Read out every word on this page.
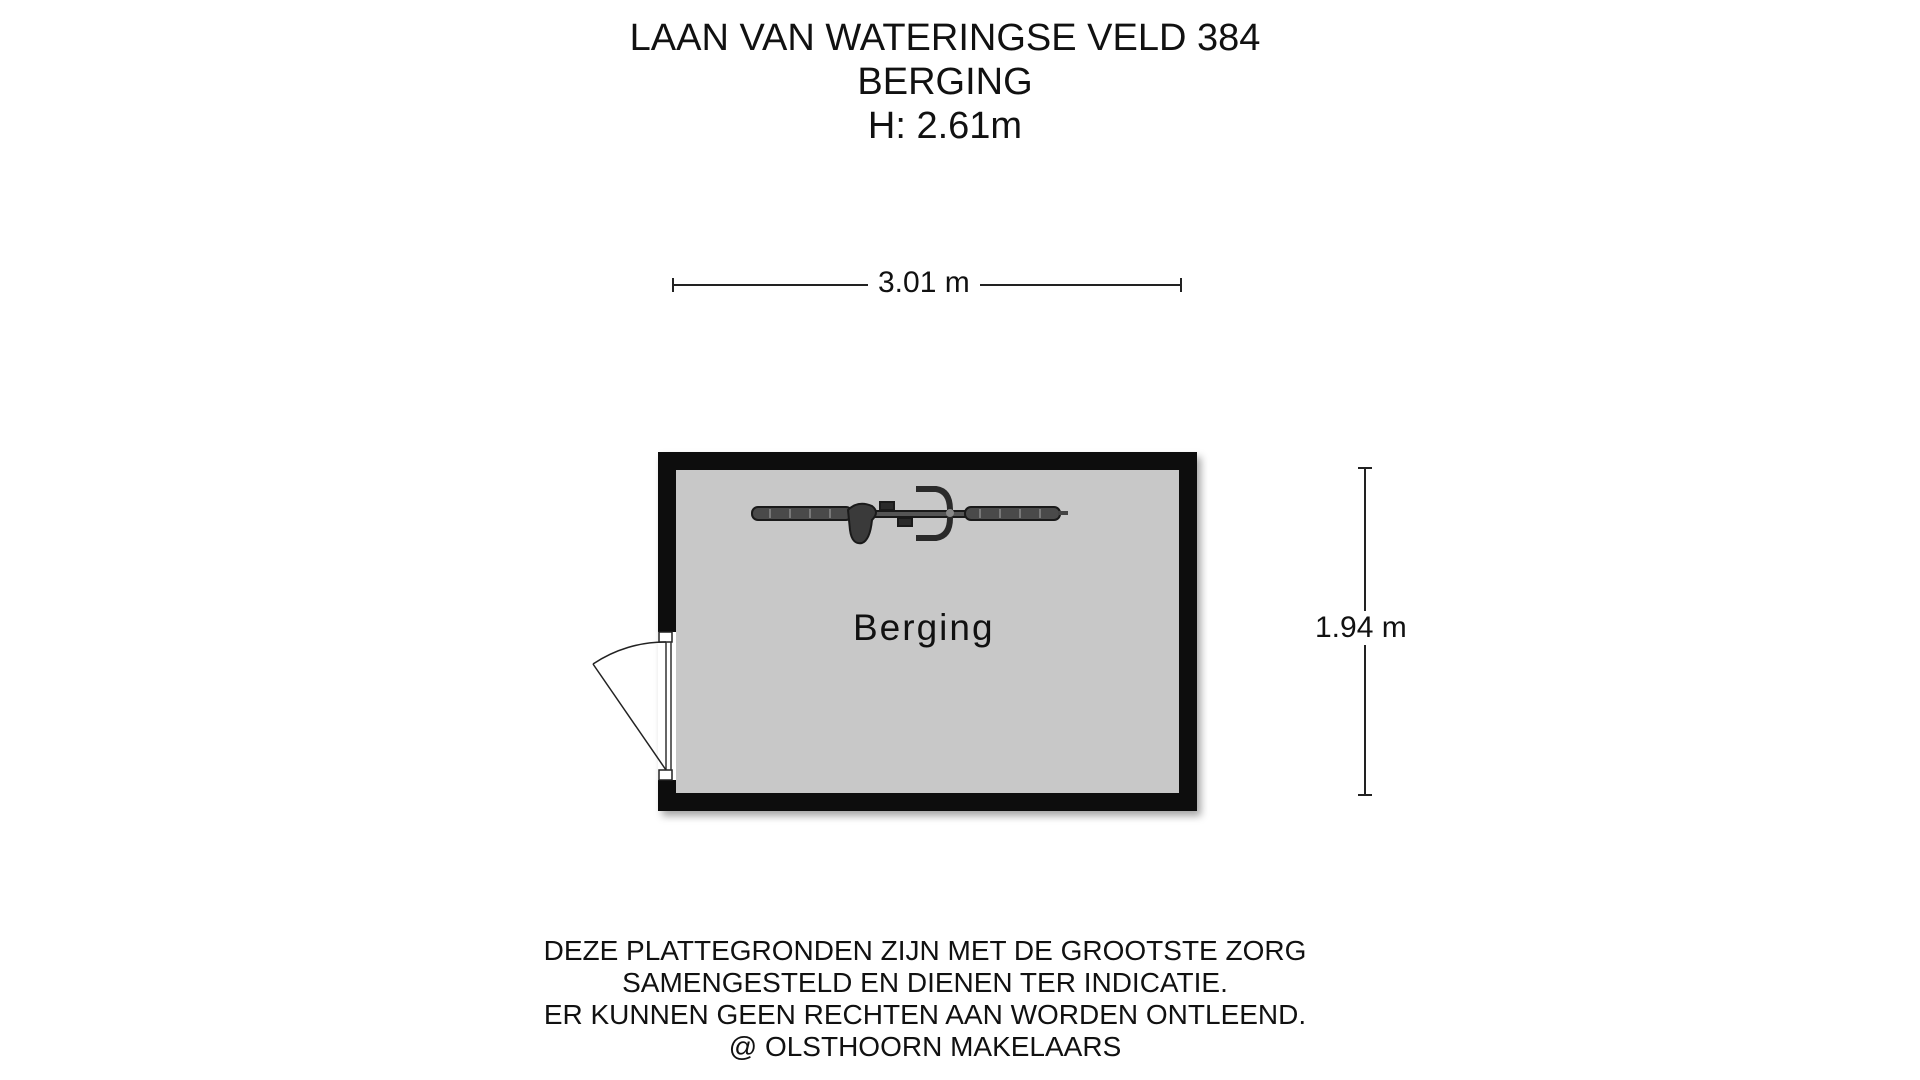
LAAN VAN WATERINGSE VELD 384
BERGING
H: 2.61m
3.01 m
1.94 m
Berging
DEZE PLATTEGRONDEN ZIJN MET DE GROOTSTE ZORG
SAMENGESTELD EN DIENEN TER INDICATIE.
ER KUNNEN GEEN RECHTEN AAN WORDEN ONTLEEND.
@ OLSTHOORN MAKELAARS
